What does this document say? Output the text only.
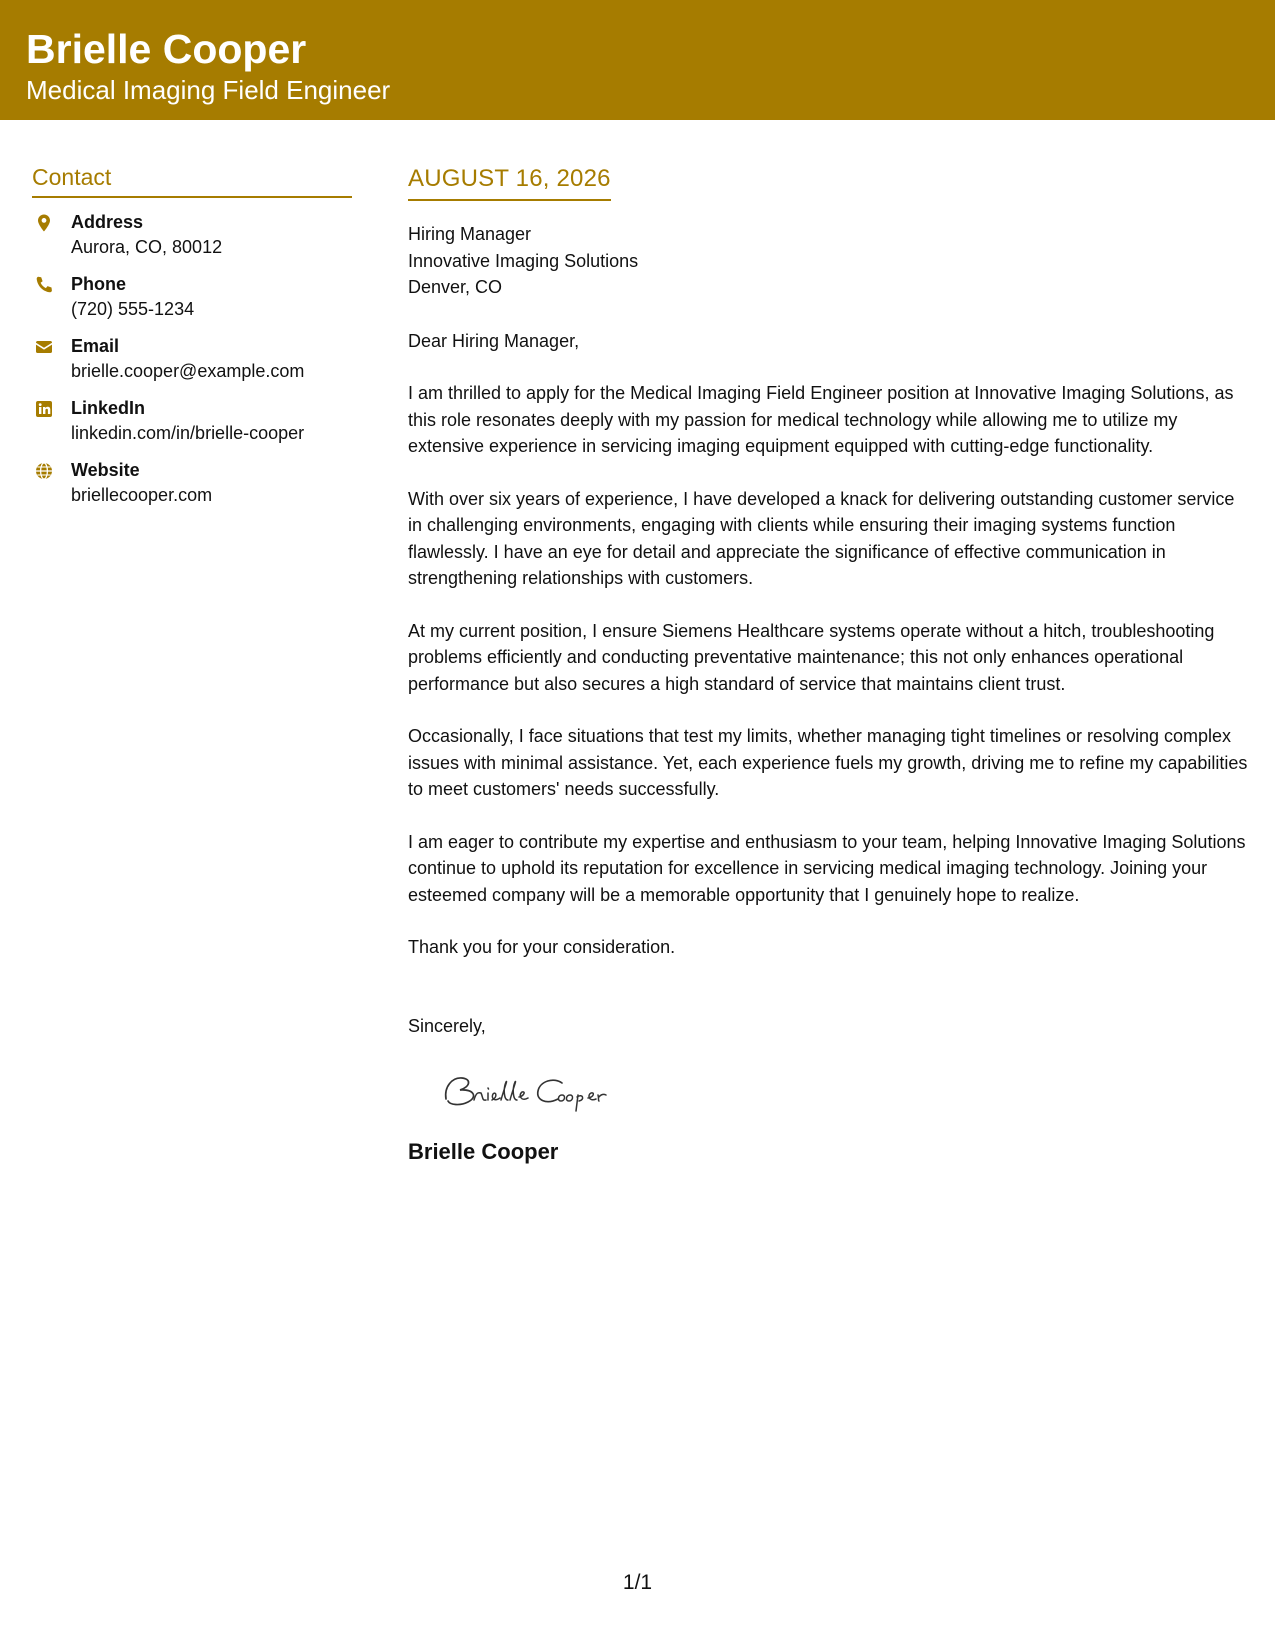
Brielle Cooper
Medical Imaging Field Engineer
Contact
Address
Aurora, CO, 80012
Phone
(720) 555-1234
Email
brielle.cooper@example.com
LinkedIn
linkedin.com/in/brielle-cooper
Website
briellecooper.com
AUGUST 16, 2026
Hiring Manager
Innovative Imaging Solutions
Denver, CO
Dear Hiring Manager,
I am thrilled to apply for the Medical Imaging Field Engineer position at Innovative Imaging Solutions, as this role resonates deeply with my passion for medical technology while allowing me to utilize my extensive experience in servicing imaging equipment equipped with cutting-edge functionality.
With over six years of experience, I have developed a knack for delivering outstanding customer service in challenging environments, engaging with clients while ensuring their imaging systems function flawlessly. I have an eye for detail and appreciate the significance of effective communication in strengthening relationships with customers.
At my current position, I ensure Siemens Healthcare systems operate without a hitch, troubleshooting problems efficiently and conducting preventative maintenance; this not only enhances operational performance but also secures a high standard of service that maintains client trust.
Occasionally, I face situations that test my limits, whether managing tight timelines or resolving complex issues with minimal assistance. Yet, each experience fuels my growth, driving me to refine my capabilities to meet customers' needs successfully.
I am eager to contribute my expertise and enthusiasm to your team, helping Innovative Imaging Solutions continue to uphold its reputation for excellence in servicing medical imaging technology. Joining your esteemed company will be a memorable opportunity that I genuinely hope to realize.
Thank you for your consideration.
Sincerely,
Brielle Cooper
1/1
